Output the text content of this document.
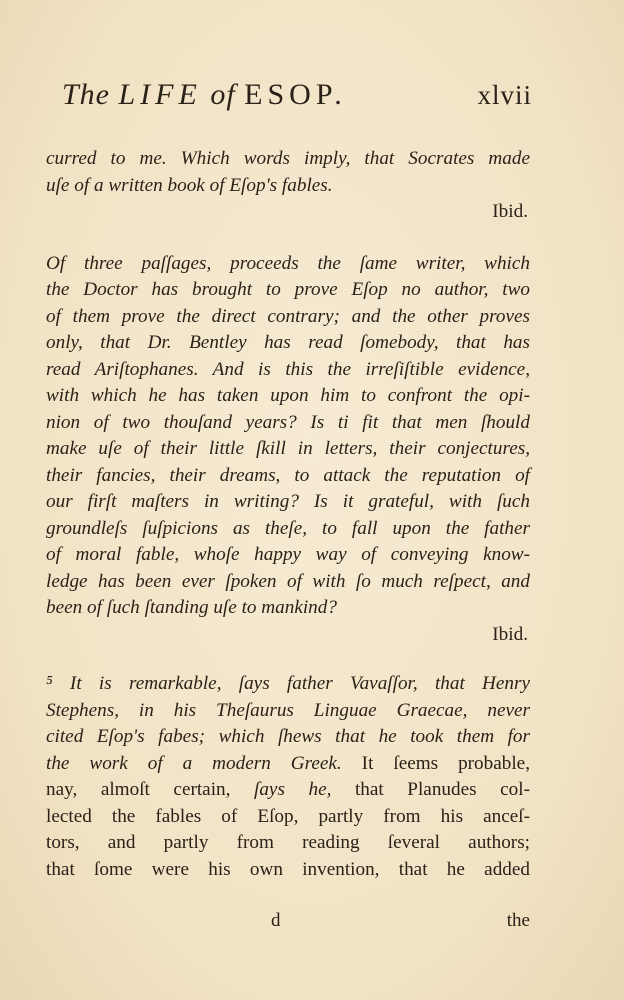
The LIFE of ESOP.	xlvii
curred to me. Which words imply, that Socrates made
uſe of a written book of Eſop's fables.
Ibid.
Of three paſſages, proceeds the ſame writer, which
the Doctor has brought to prove Eſop no author, two
of them prove the direct contrary; and the other proves
only, that Dr. Bentley has read ſomebody, that has
read Ariſtophanes. And is this the irreſiſtible evidence,
with which he has taken upon him to confront the opi-
nion of two thouſand years? Is ti fit that men ſhould
make uſe of their little ſkill in letters, their conjectures,
their fancies, their dreams, to attack the reputation of
our firſt maſters in writing? Is it grateful, with ſuch
groundleſs ſuſpicions as theſe, to fall upon the father
of moral fable, whoſe happy way of conveying know-
ledge has been ever ſpoken of with ſo much reſpect, and
been of ſuch ſtanding uſe to mankind?
Ibid.
⁵ It is remarkable, ſays father Vavaſſor, that Henry
Stephens, in his Theſaurus Linguae Graecae, never
cited Eſop's fabes; which ſhews that he took them for
the work of a modern Greek. It ſeems probable,
nay, almoſt certain, ſays he, that Planudes col-
lected the fables of Eſop, partly from his anceſ-
tors, and partly from reading ſeveral authors;
that ſome were his own invention, that he added
d	the
